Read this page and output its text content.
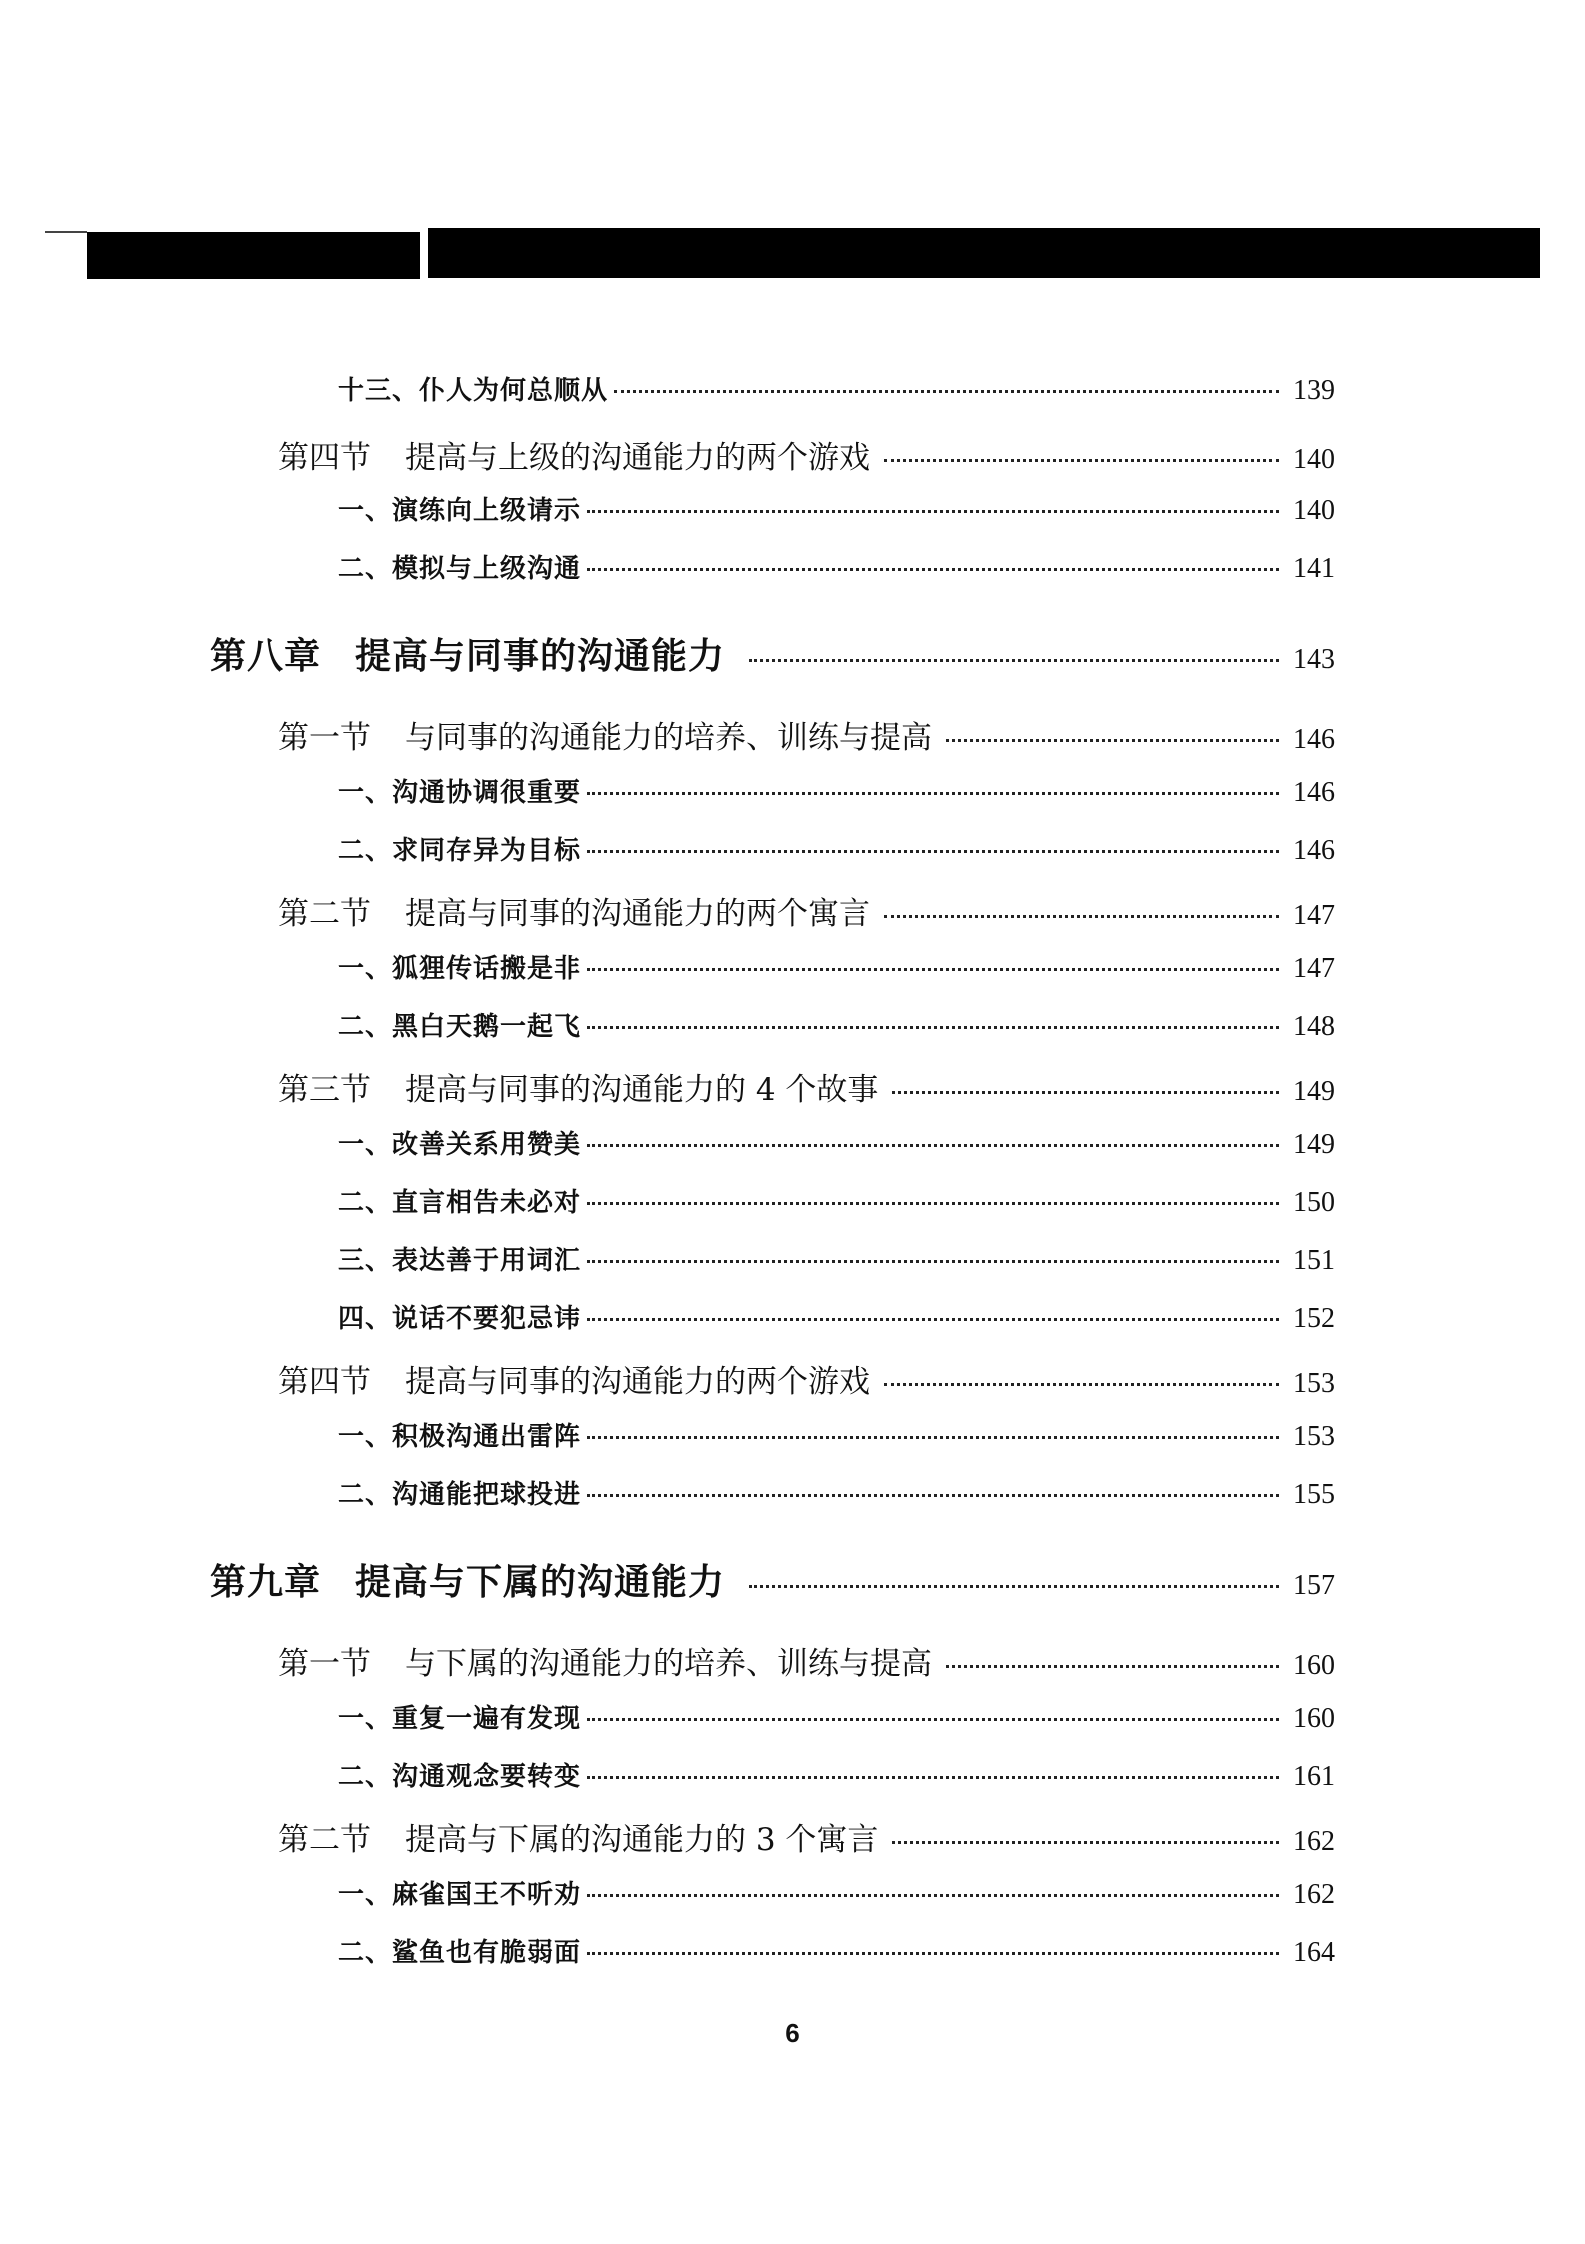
十三、仆人为何总顺从	139
第四节 提高与上级的沟通能力的两个游戏	140
一、演练向上级请示	140
二、模拟与上级沟通	141
第八章 提高与同事的沟通能力	143
第一节 与同事的沟通能力的培养、训练与提高	146
一、沟通协调很重要	146
二、求同存异为目标	146
第二节 提高与同事的沟通能力的两个寓言	147
一、狐狸传话搬是非	147
二、黑白天鹅一起飞	148
第三节 提高与同事的沟通能力的 4 个故事	149
一、改善关系用赞美	149
二、直言相告未必对	150
三、表达善于用词汇	151
四、说话不要犯忌讳	152
第四节 提高与同事的沟通能力的两个游戏	153
一、积极沟通出雷阵	153
二、沟通能把球投进	155
第九章 提高与下属的沟通能力	157
第一节 与下属的沟通能力的培养、训练与提高	160
一、重复一遍有发现	160
二、沟通观念要转变	161
第二节 提高与下属的沟通能力的 3 个寓言	162
一、麻雀国王不听劝	162
二、鲨鱼也有脆弱面	164
6
